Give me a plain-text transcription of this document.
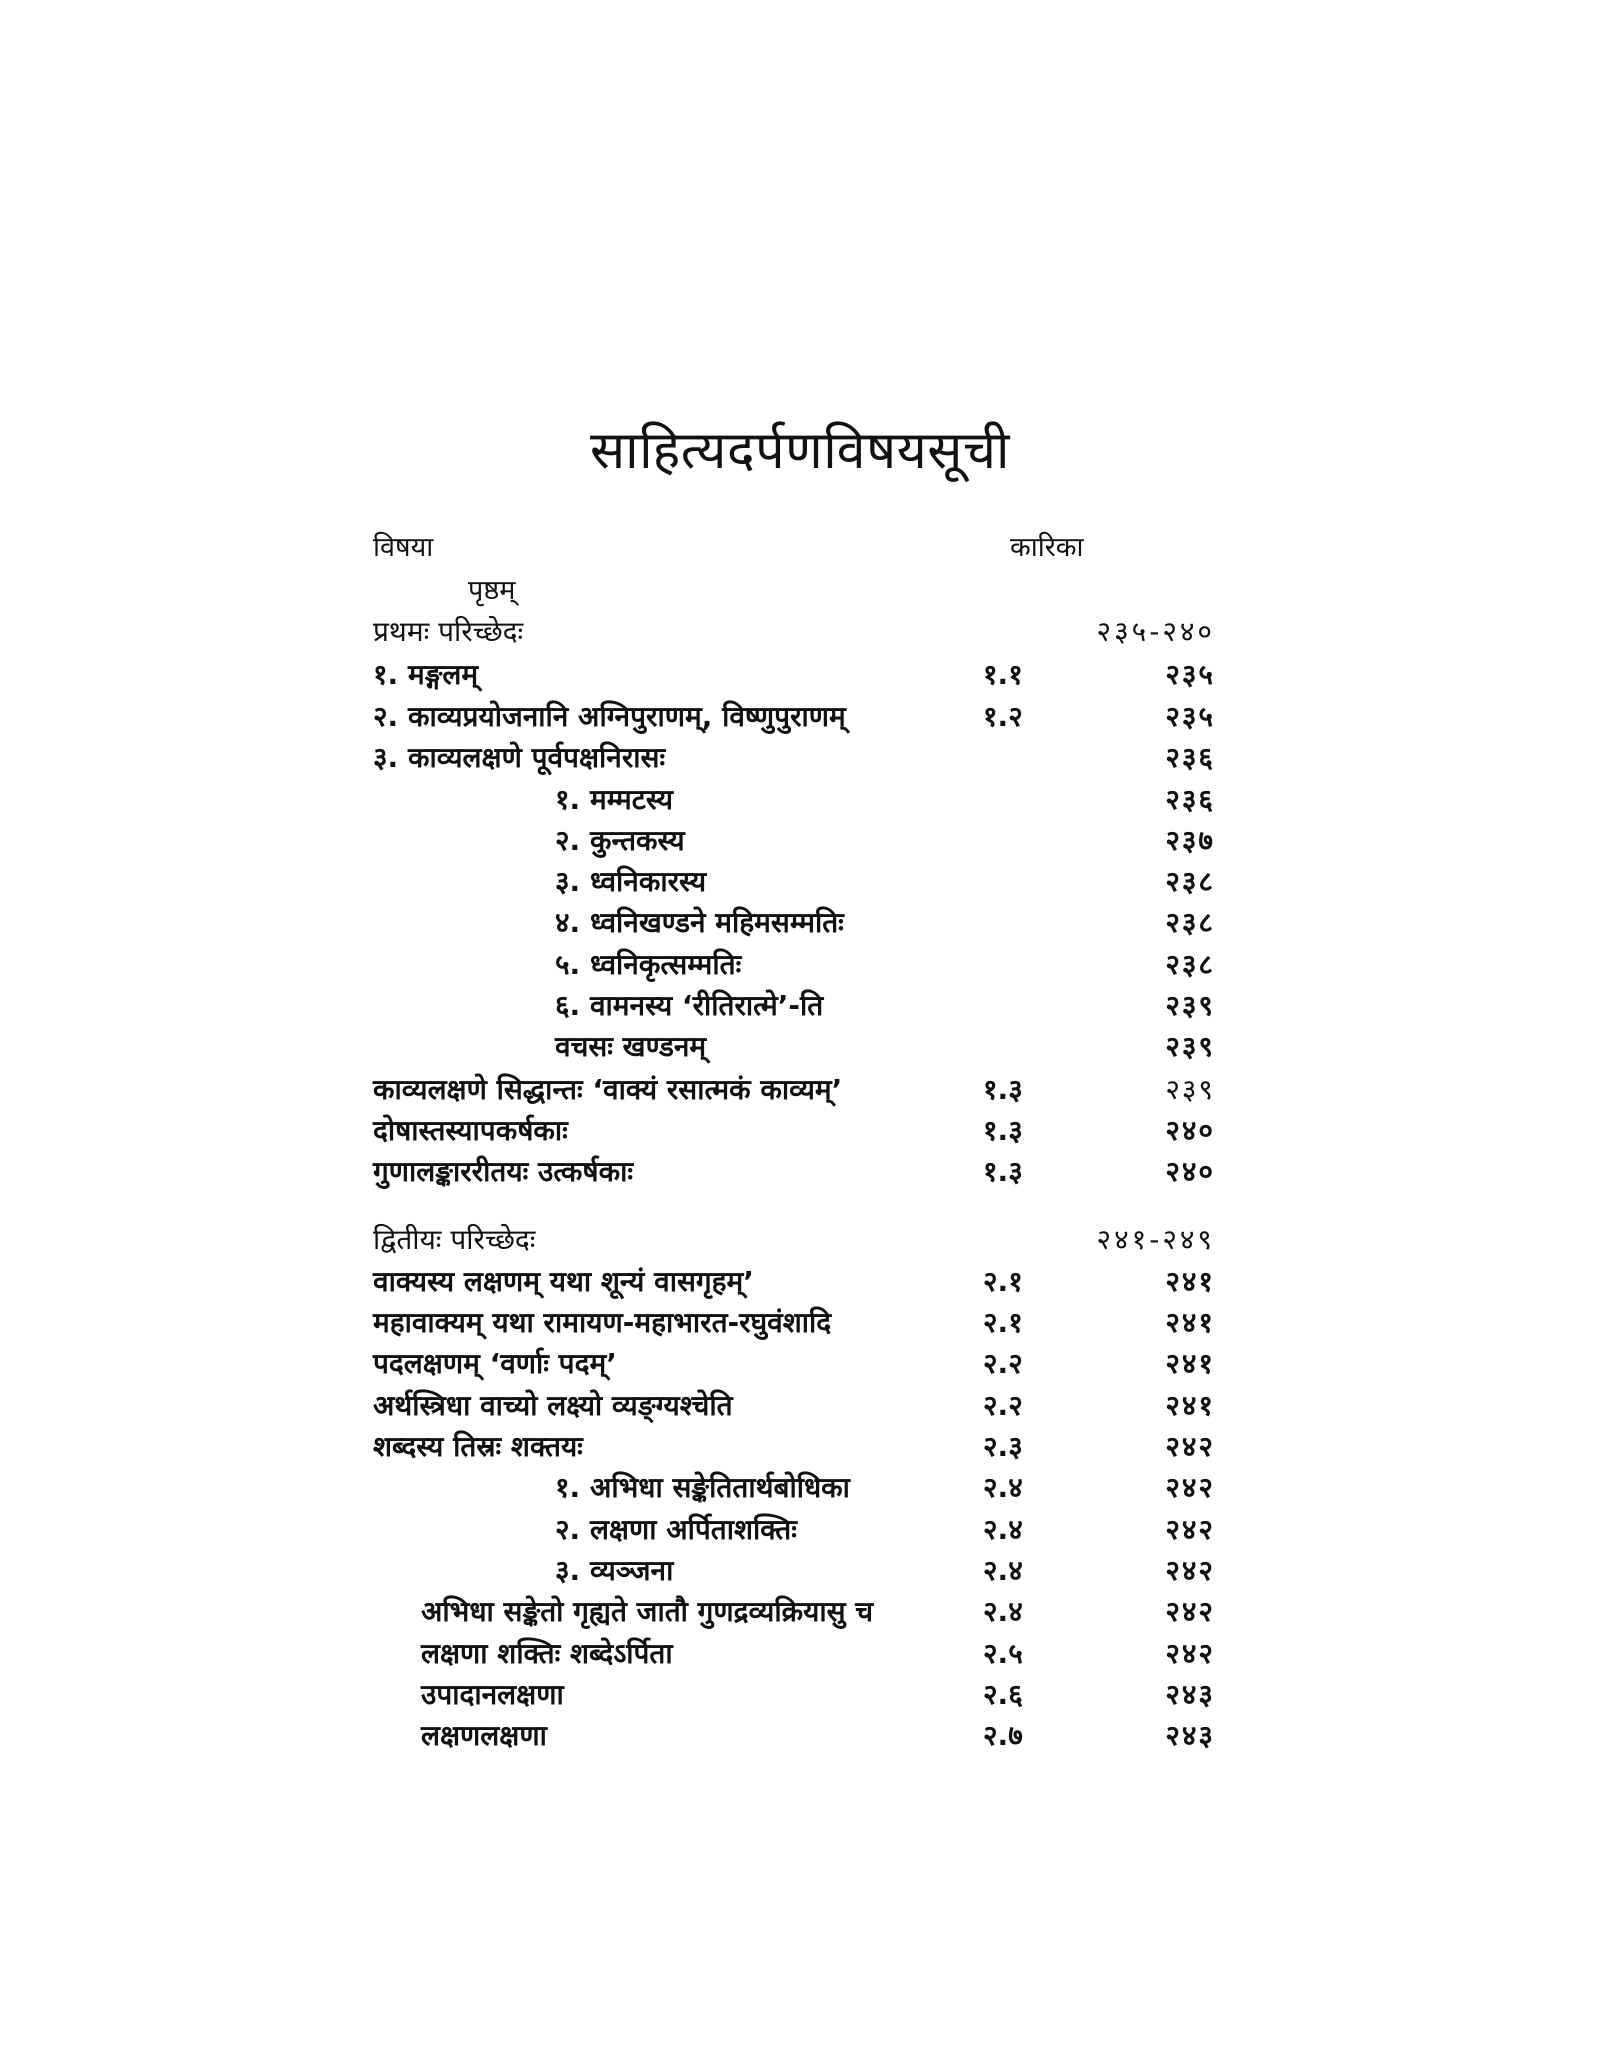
साहित्यदर्पणविषयसूची
विषया	कारिका
पृष्ठम्
प्रथमः परिच्छेदः	२३५-२४०
१. मङ्गलम्	१.१	२३५
२. काव्यप्रयोजनानि अग्निपुराणम्, विष्णुपुराणम्	१.२	२३५
३. काव्यलक्षणे पूर्वपक्षनिरासः	२३६
१. मम्मटस्य	२३६
२. कुन्तकस्य	२३७
३. ध्वनिकारस्य	२३८
४. ध्वनिखण्डने महिमसम्मतिः	२३८
५. ध्वनिकृत्सम्मतिः	२३८
६. वामनस्य ‘रीतिरात्मे’-ति	२३९
वचसः खण्डनम्	२३९
काव्यलक्षणे सिद्धान्तः ‘वाक्यं रसात्मकं काव्यम्’	१.३	२३९
दोषास्तस्यापकर्षकाः	१.३	२४०
गुणालङ्काररीतयः उत्कर्षकाः	१.३	२४०
द्वितीयः परिच्छेदः	२४१-२४९
वाक्यस्य लक्षणम् यथा शून्यं वासगृहम्’	२.१	२४१
महावाक्यम् यथा रामायण-महाभारत-रघुवंशादि	२.१	२४१
पदलक्षणम् ‘वर्णाः पदम्’	२.२	२४१
अर्थस्त्रिधा वाच्यो लक्ष्यो व्यङ्ग्यश्चेति	२.२	२४१
शब्दस्य तिस्रः शक्तयः	२.३	२४२
१. अभिधा सङ्केतितार्थबोधिका	२.४	२४२
२. लक्षणा अर्पिताशक्तिः	२.४	२४२
३. व्यञ्जना	२.४	२४२
अभिधा सङ्केतो गृह्यते जातौ गुणद्रव्यक्रियासु च	२.४	२४२
लक्षणा शक्तिः शब्देऽर्पिता	२.५	२४२
उपादानलक्षणा	२.६	२४३
लक्षणलक्षणा	२.७	२४३
